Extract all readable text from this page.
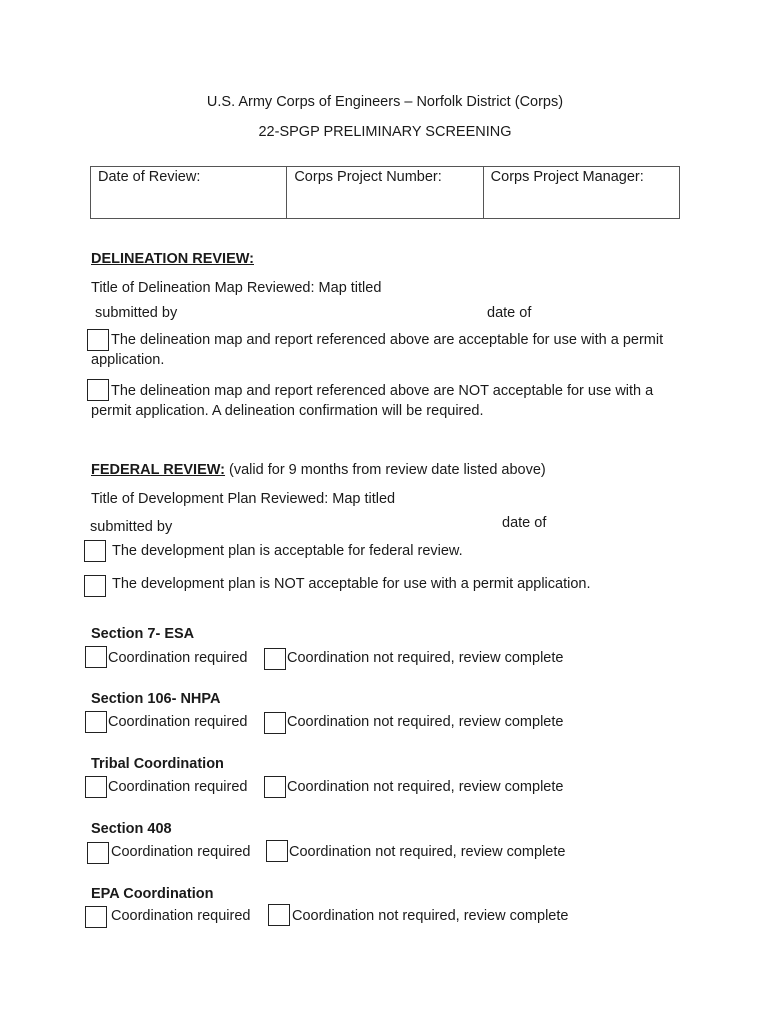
U.S. Army Corps of Engineers – Norfolk District (Corps)
22-SPGP PRELIMINARY SCREENING
Date of Review:	Corps Project Number:	Corps Project Manager:
DELINEATION REVIEW:
Title of Delineation Map Reviewed: Map titled
submitted by	date of
The delineation map and report referenced above are acceptable for use with a permit application.
The delineation map and report referenced above are NOT acceptable for use with a permit application. A delineation confirmation will be required.
FEDERAL REVIEW: (valid for 9 months from review date listed above)
Title of Development Plan Reviewed: Map titled
submitted by	date of
The development plan is acceptable for federal review.
The development plan is NOT acceptable for use with a permit application.
Section 7- ESA
Coordination required	Coordination not required, review complete
Section 106- NHPA
Coordination required	Coordination not required, review complete
Tribal Coordination
Coordination required	Coordination not required, review complete
Section 408
Coordination required	Coordination not required, review complete
EPA Coordination
Coordination required	Coordination not required, review complete
